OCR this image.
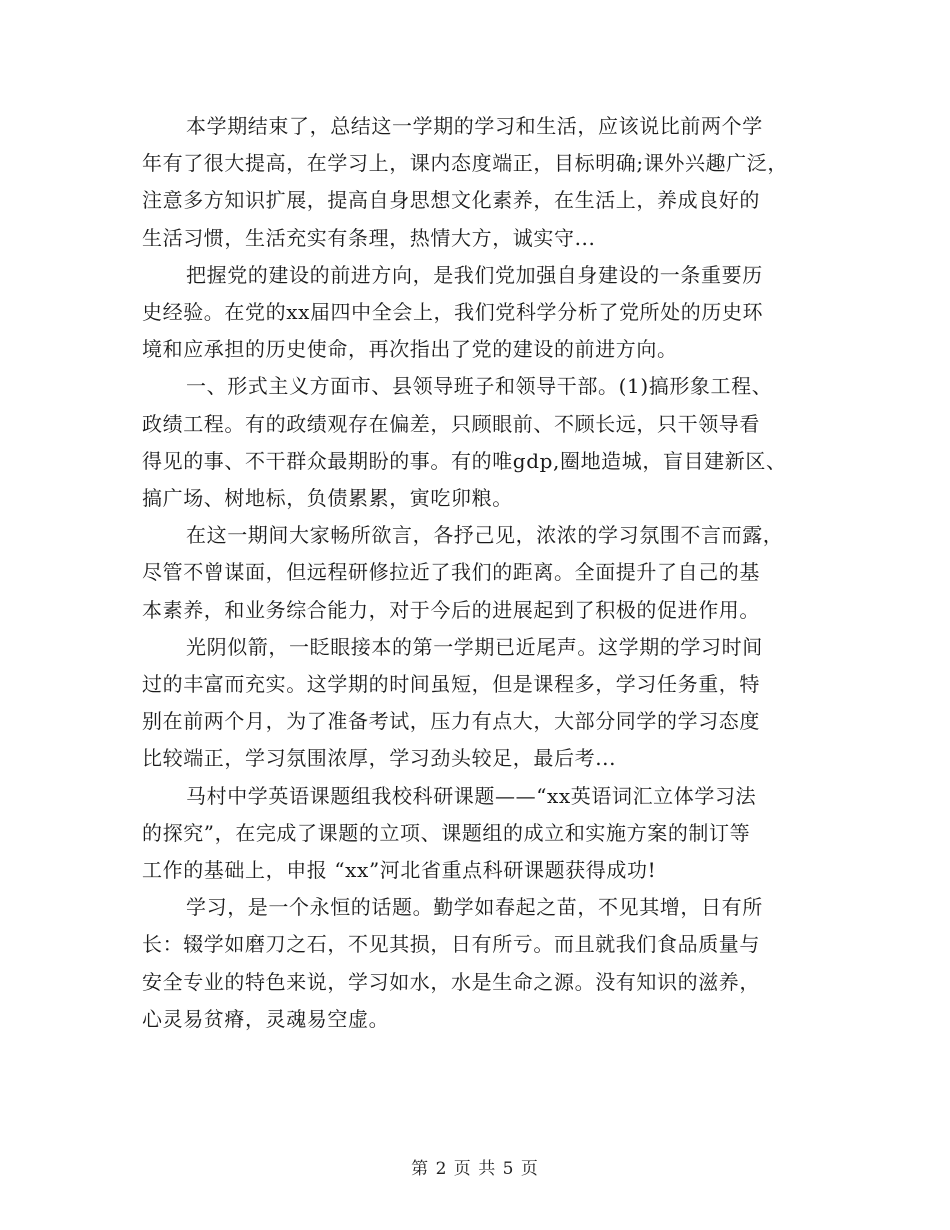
本学期结束了，总结这一学期的学习和生活，应该说比前两个学
年有了很大提高，在学习上，课内态度端正，目标明确;课外兴趣广泛，
注意多方知识扩展，提高自身思想文化素养，在生活上，养成良好的
生活习惯，生活充实有条理，热情大方，诚实守...

把握党的建设的前进方向，是我们党加强自身建设的一条重要历
史经验。在党的xx届四中全会上，我们党科学分析了党所处的历史环
境和应承担的历史使命，再次指出了党的建设的前进方向。

一、形式主义方面市、县领导班子和领导干部。(1)搞形象工程、
政绩工程。有的政绩观存在偏差，只顾眼前、不顾长远，只干领导看
得见的事、不干群众最期盼的事。有的唯gdp,圈地造城，盲目建新区、
搞广场、树地标，负债累累，寅吃卯粮。

在这一期间大家畅所欲言，各抒己见，浓浓的学习氛围不言而露，
尽管不曾谋面，但远程研修拉近了我们的距离。全面提升了自己的基
本素养，和业务综合能力，对于今后的进展起到了积极的促进作用。

光阴似箭，一眨眼接本的第一学期已近尾声。这学期的学习时间
过的丰富而充实。这学期的时间虽短，但是课程多，学习任务重，特
别在前两个月，为了准备考试，压力有点大，大部分同学的学习态度
比较端正，学习氛围浓厚，学习劲头较足，最后考...

马村中学英语课题组我校科研课题——“xx英语词汇立体学习法
的探究”，在完成了课题的立项、课题组的成立和实施方案的制订等
工作的基础上，申报 “xx”河北省重点科研课题获得成功!

学习，是一个永恒的话题。勤学如春起之苗，不见其增，日有所
长：辍学如磨刀之石，不见其损，日有所亏。而且就我们食品质量与
安全专业的特色来说，学习如水，水是生命之源。没有知识的滋养，
心灵易贫瘠，灵魂易空虚。

第 2 页 共 5 页
